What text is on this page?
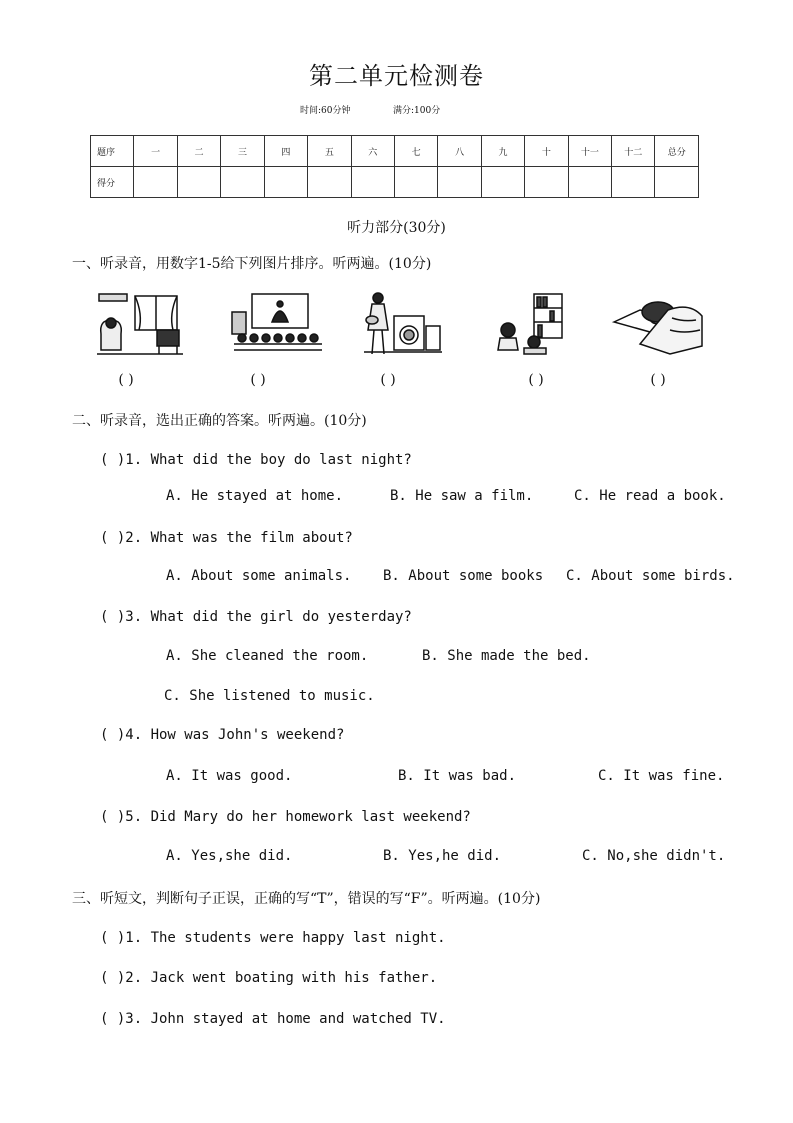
第二单元检测卷
时间:60分钟	满分:100分
题序	一	二	三	四	五	六	七	八	九	十	十一	十二	总分
得分													
听力部分(30分)
一、听录音，用数字1-5给下列图片排序。听两遍。(10分)
( )	( )	( )	( )	( )
二、听录音，选出正确的答案。听两遍。(10分)
( )1. What did the boy do last night?
A. He stayed at home.	B. He saw a film.	C. He read a book.
( )2. What was the film about?
A. About some animals. B. About some books C. About some birds.
( )3. What did the girl do yesterday?
A. She cleaned the room.	B. She made the bed.
C. She listened to music.
( )4. How was John's weekend?
A. It was good.	B. It was bad.	C. It was fine.
( )5. Did Mary do her homework last weekend?
A. Yes,she did.	B. Yes,he did.	C. No,she didn't.
三、听短文，判断句子正误，正确的写“T”，错误的写“F”。听两遍。(10分)
( )1. The students were happy last night.
( )2. Jack went boating with his father.
( )3. John stayed at home and watched TV.
